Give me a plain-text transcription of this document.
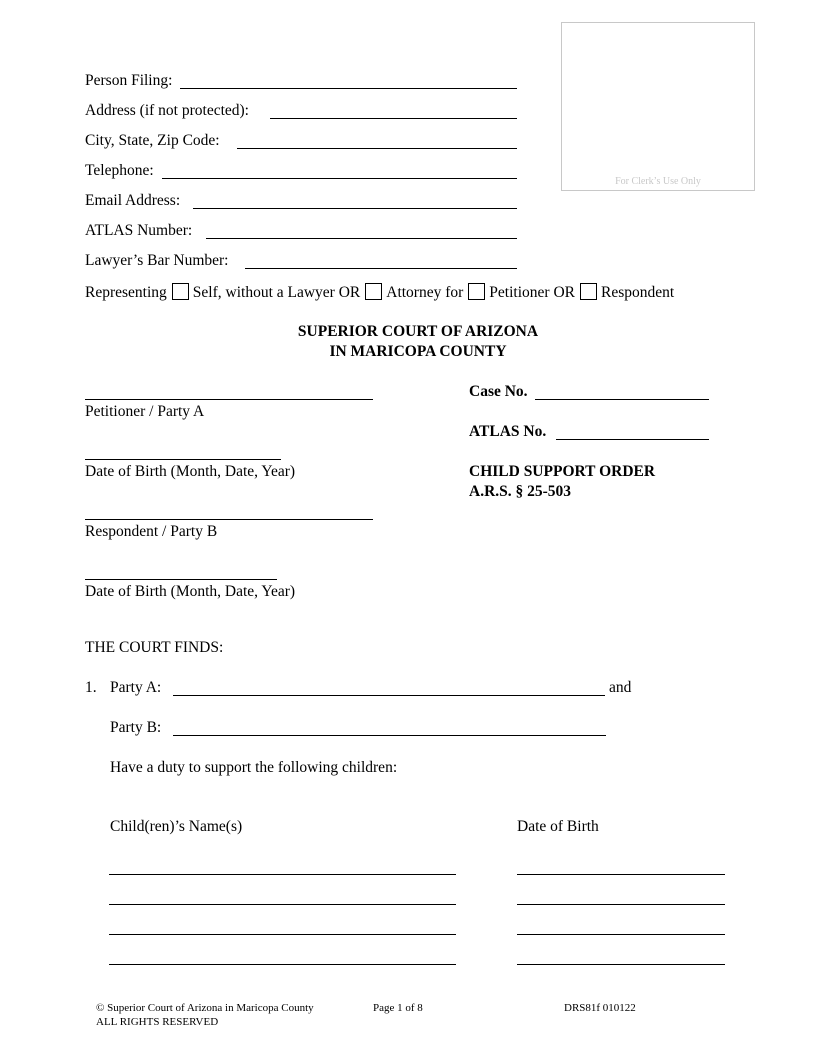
For Clerk’s Use Only
Person Filing:
Address (if not protected):
City, State, Zip Code:
Telephone:
Email Address:
ATLAS Number:
Lawyer’s Bar Number:
Representing Self, without a Lawyer OR Attorney for Petitioner OR Respondent
SUPERIOR COURT OF ARIZONA
IN MARICOPA COUNTY
Petitioner / Party A
Date of Birth (Month, Date, Year)
Respondent / Party B
Date of Birth (Month, Date, Year)
Case No.
ATLAS No.
CHILD SUPPORT ORDER
A.R.S. § 25-503
THE COURT FINDS:
1. Party A:	and
Party B:
Have a duty to support the following children:
Child(ren)’s Name(s)	Date of Birth
© Superior Court of Arizona in Maricopa County
ALL RIGHTS RESERVED
Page 1 of 8	DRS81f 010122
